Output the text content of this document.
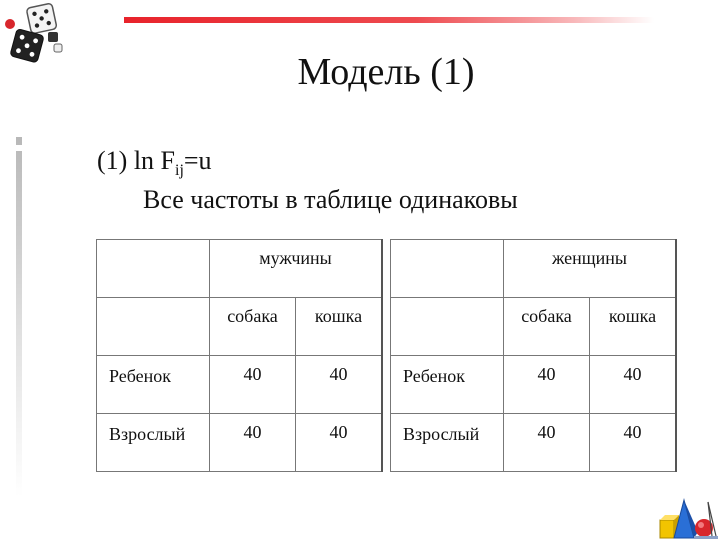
Модель (1)
(1) $\ln F_{ij}=u$
Все частоты в таблице одинаковы

	мужчины	

	собака	кошка

Ребенок	40	40

Взрослый	40	40

	женщины	

	собака	кошка

Ребенок	40	40

Взрослый	40	40
